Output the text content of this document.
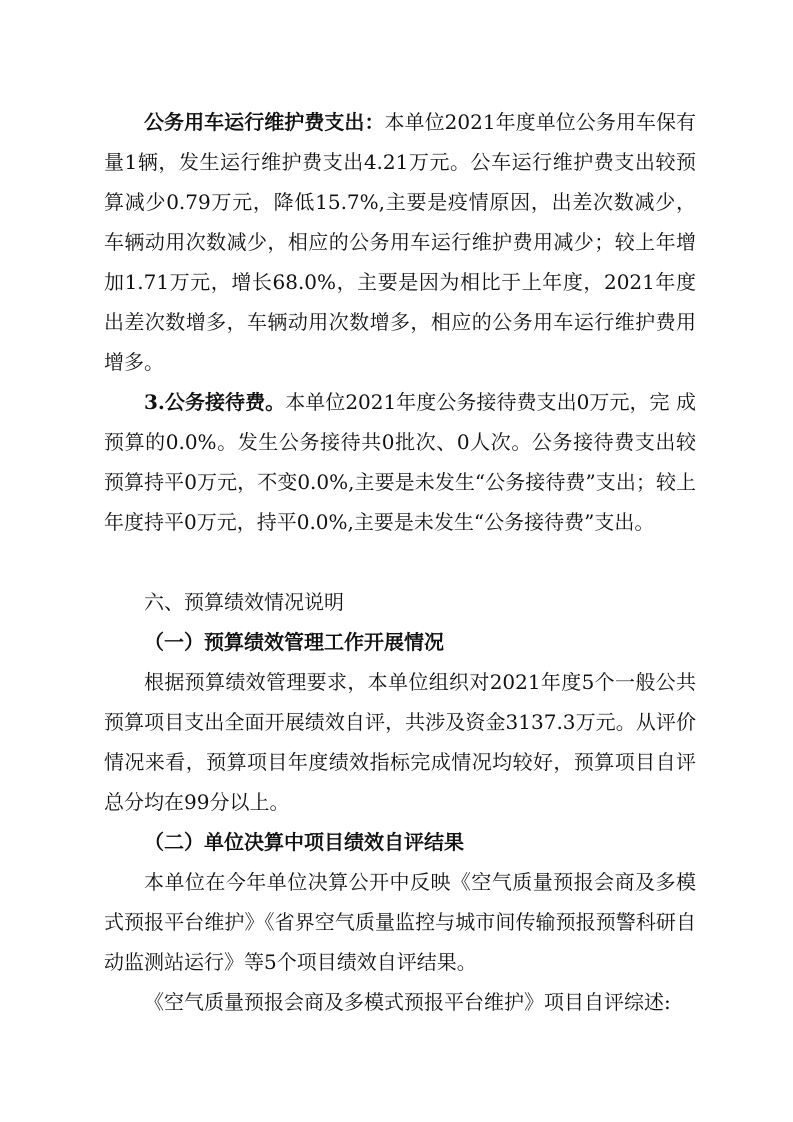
公务用车运行维护费支出：本单位2021年度单位公务用车保有量1辆，发生运行维护费支出4.21万元。公车运行维护费支出较预算减少0.79万元，降低15.7%,主要是疫情原因，出差次数减少，车辆动用次数减少，相应的公务用车运行维护费用减少；较上年增加1.71万元，增长68.0%，主要是因为相比于上年度，2021年度出差次数增多，车辆动用次数增多，相应的公务用车运行维护费用增多。

3.公务接待费。本单位2021年度公务接待费支出0万元，完 成预算的0.0%。发生公务接待共0批次、0人次。公务接待费支出较预算持平0万元，不变0.0%,主要是未发生“公务接待费”支出；较上年度持平0万元，持平0.0%,主要是未发生“公务接待费”支出。

六、预算绩效情况说明

（一）预算绩效管理工作开展情况

根据预算绩效管理要求，本单位组织对2021年度5个一般公共预算项目支出全面开展绩效自评，共涉及资金3137.3万元。从评价情况来看，预算项目年度绩效指标完成情况均较好，预算项目自评总分均在99分以上。

（二）单位决算中项目绩效自评结果

本单位在今年单位决算公开中反映《空气质量预报会商及多模式预报平台维护》《省界空气质量监控与城市间传输预报预警科研自动监测站运行》等5个项目绩效自评结果。

《空气质量预报会商及多模式预报平台维护》项目自评综述:
